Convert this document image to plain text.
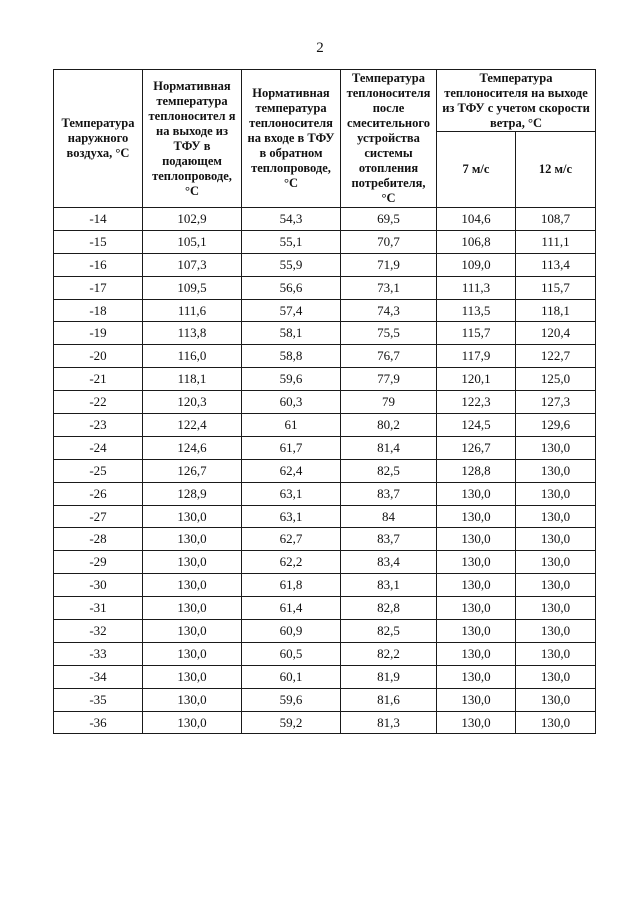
2
Температура наружного воздуха, °С	Нормативная температура теплоносител я на выходе из ТФУ в подающем теплопроводе, °С	Нормативная температура теплоносителя на входе в ТФУ в обратном теплопроводе, °С	Температура теплоносителя после смесительного устройства системы отопления потребителя, °С	Температура теплоносителя на выходе из ТФУ с учетом скорости ветра, °С	
				7 м/с	12 м/с
-14	102,9	54,3	69,5	104,6	108,7
-15	105,1	55,1	70,7	106,8	111,1
-16	107,3	55,9	71,9	109,0	113,4
-17	109,5	56,6	73,1	111,3	115,7
-18	111,6	57,4	74,3	113,5	118,1
-19	113,8	58,1	75,5	115,7	120,4
-20	116,0	58,8	76,7	117,9	122,7
-21	118,1	59,6	77,9	120,1	125,0
-22	120,3	60,3	79	122,3	127,3
-23	122,4	61	80,2	124,5	129,6
-24	124,6	61,7	81,4	126,7	130,0
-25	126,7	62,4	82,5	128,8	130,0
-26	128,9	63,1	83,7	130,0	130,0
-27	130,0	63,1	84	130,0	130,0
-28	130,0	62,7	83,7	130,0	130,0
-29	130,0	62,2	83,4	130,0	130,0
-30	130,0	61,8	83,1	130,0	130,0
-31	130,0	61,4	82,8	130,0	130,0
-32	130,0	60,9	82,5	130,0	130,0
-33	130,0	60,5	82,2	130,0	130,0
-34	130,0	60,1	81,9	130,0	130,0
-35	130,0	59,6	81,6	130,0	130,0
-36	130,0	59,2	81,3	130,0	130,0
